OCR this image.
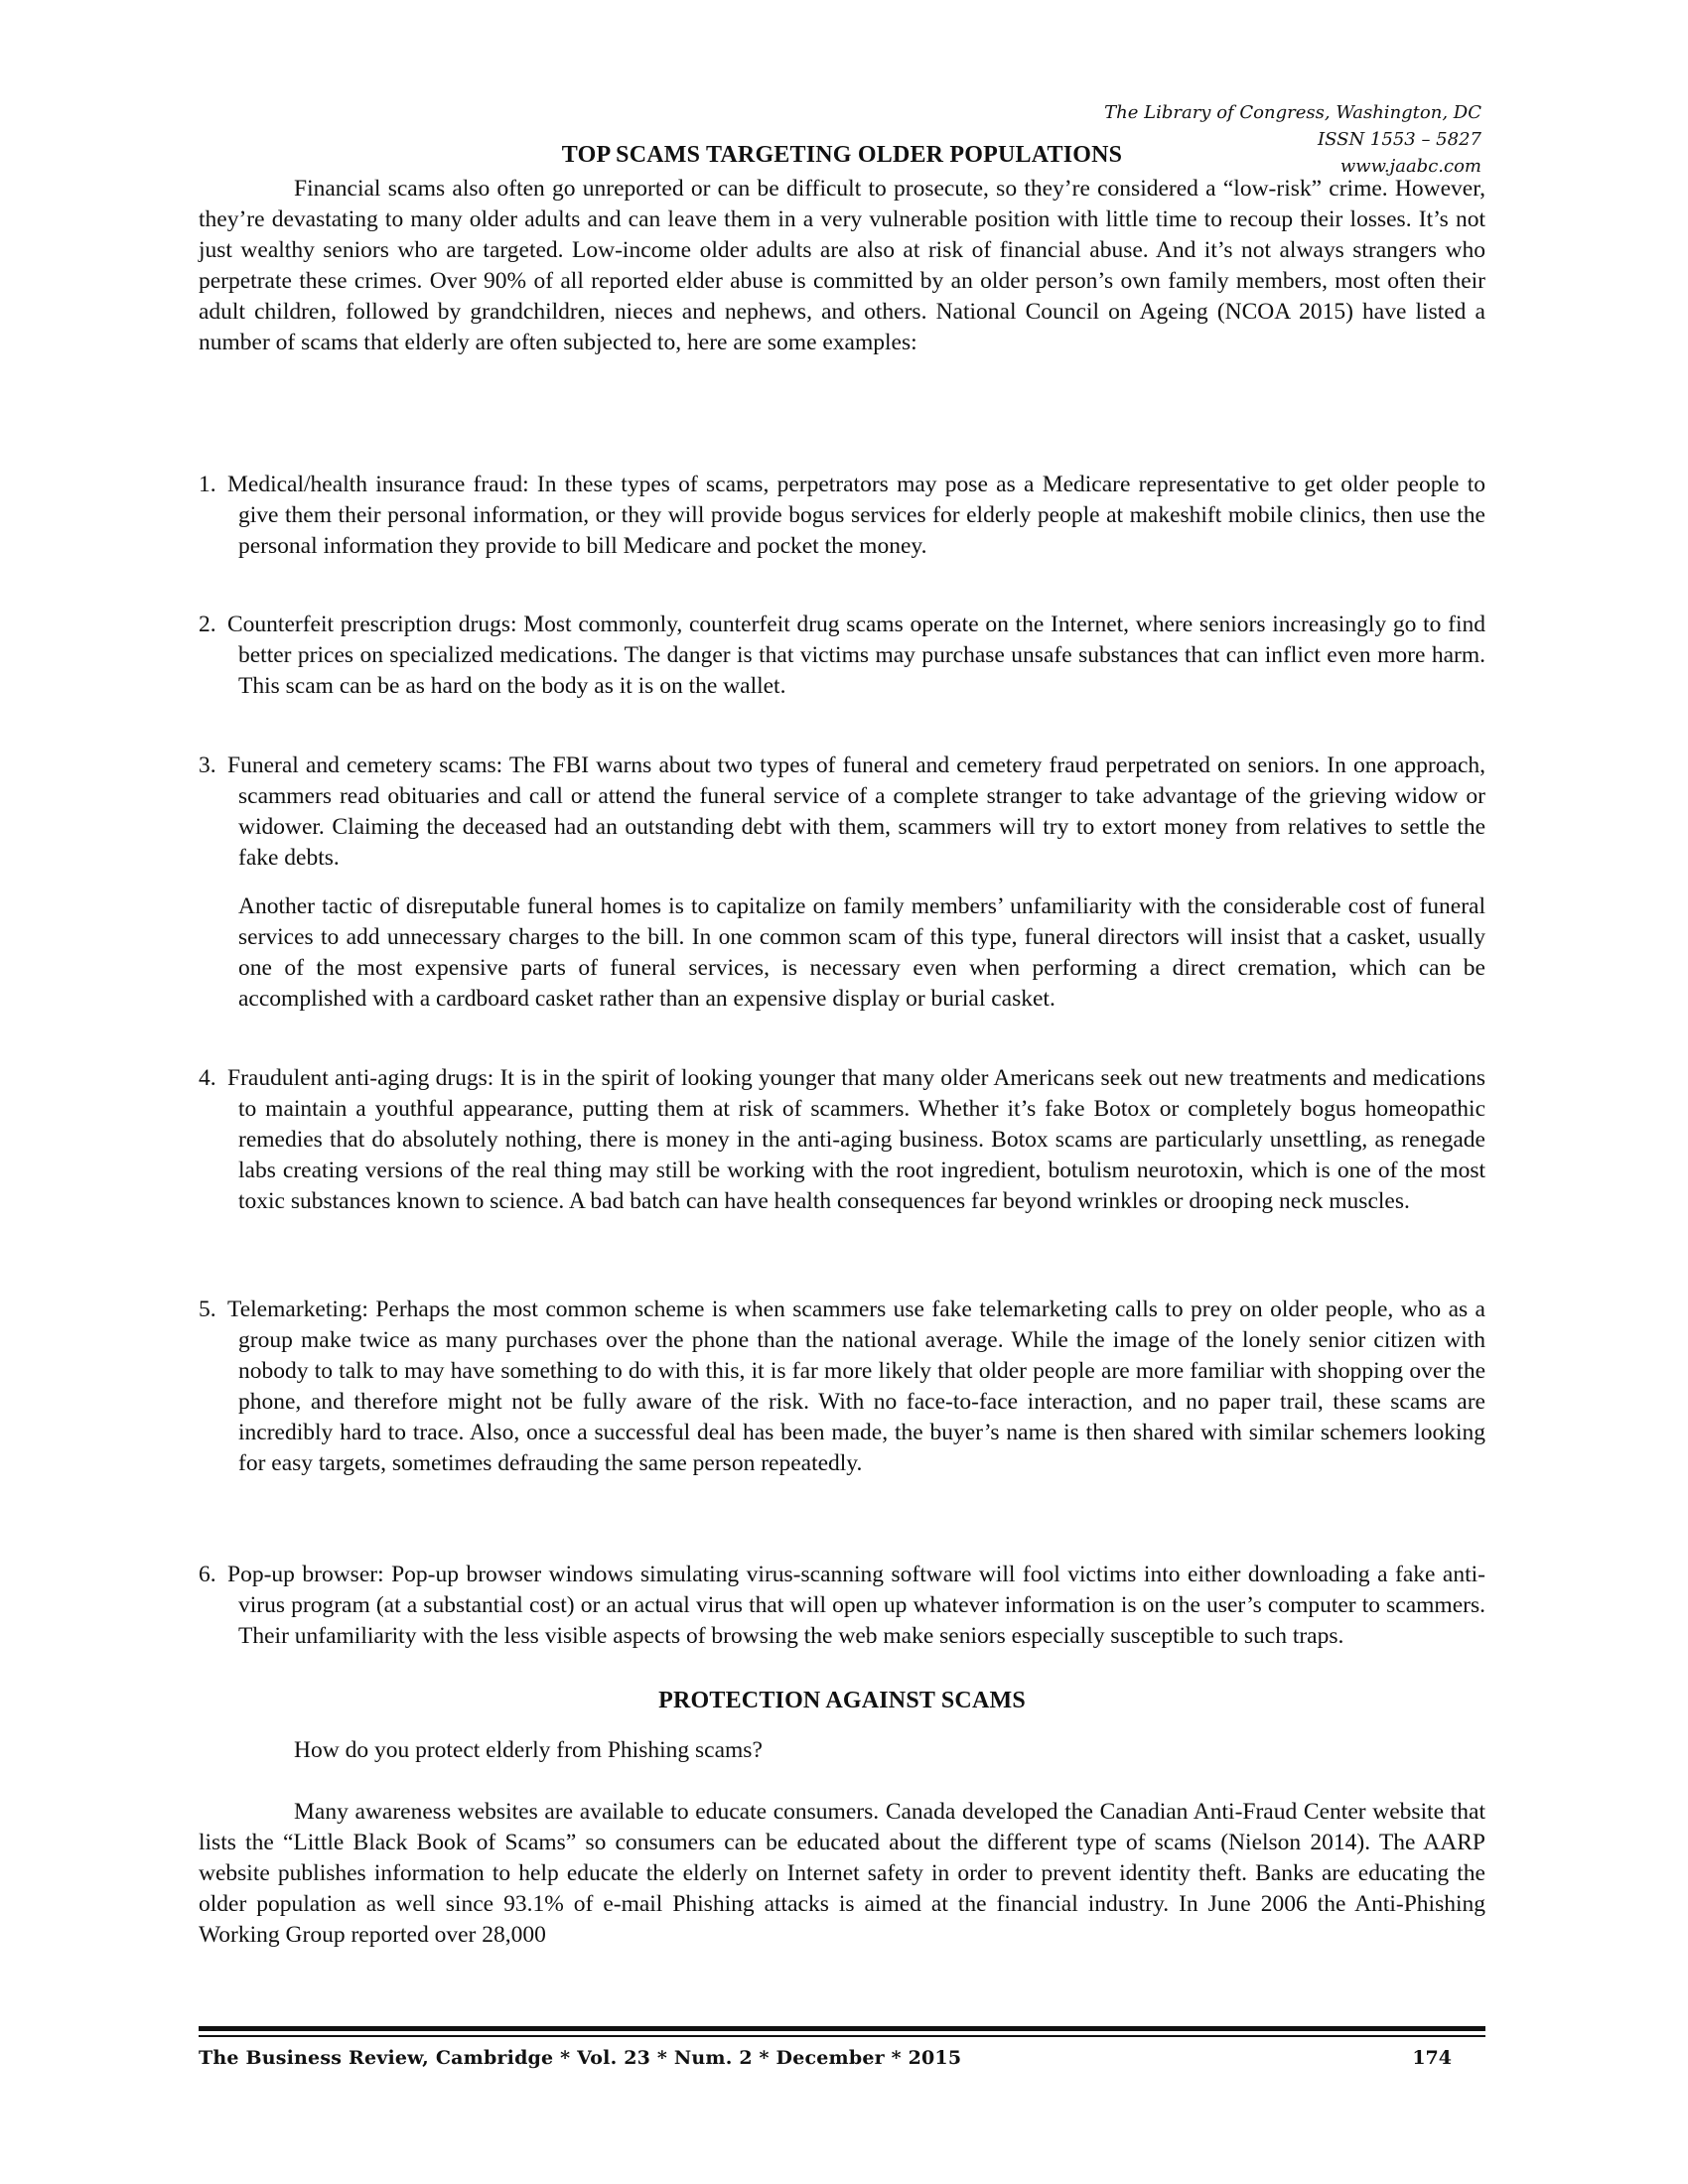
The Library of Congress, Washington, DC
ISSN 1553 – 5827
www.jaabc.com
TOP SCAMS TARGETING OLDER POPULATIONS
Financial scams also often go unreported or can be difficult to prosecute, so they’re considered a “low-risk” crime. However, they’re devastating to many older adults and can leave them in a very vulnerable position with little time to recoup their losses. It’s not just wealthy seniors who are targeted. Low-income older adults are also at risk of financial abuse. And it’s not always strangers who perpetrate these crimes. Over 90% of all reported elder abuse is committed by an older person’s own family members, most often their adult children, followed by grandchildren, nieces and nephews, and others. National Council on Ageing (NCOA 2015) have listed a number of scams that elderly are often subjected to, here are some examples:
1. Medical/health insurance fraud: In these types of scams, perpetrators may pose as a Medicare representative to get older people to give them their personal information, or they will provide bogus services for elderly people at makeshift mobile clinics, then use the personal information they provide to bill Medicare and pocket the money.
2. Counterfeit prescription drugs: Most commonly, counterfeit drug scams operate on the Internet, where seniors increasingly go to find better prices on specialized medications. The danger is that victims may purchase unsafe substances that can inflict even more harm. This scam can be as hard on the body as it is on the wallet.
3. Funeral and cemetery scams: The FBI warns about two types of funeral and cemetery fraud perpetrated on seniors. In one approach, scammers read obituaries and call or attend the funeral service of a complete stranger to take advantage of the grieving widow or widower. Claiming the deceased had an outstanding debt with them, scammers will try to extort money from relatives to settle the fake debts.
Another tactic of disreputable funeral homes is to capitalize on family members’ unfamiliarity with the considerable cost of funeral services to add unnecessary charges to the bill. In one common scam of this type, funeral directors will insist that a casket, usually one of the most expensive parts of funeral services, is necessary even when performing a direct cremation, which can be accomplished with a cardboard casket rather than an expensive display or burial casket.
4. Fraudulent anti-aging drugs: It is in the spirit of looking younger that many older Americans seek out new treatments and medications to maintain a youthful appearance, putting them at risk of scammers. Whether it’s fake Botox or completely bogus homeopathic remedies that do absolutely nothing, there is money in the anti-aging business. Botox scams are particularly unsettling, as renegade labs creating versions of the real thing may still be working with the root ingredient, botulism neurotoxin, which is one of the most toxic substances known to science. A bad batch can have health consequences far beyond wrinkles or drooping neck muscles.
5. Telemarketing: Perhaps the most common scheme is when scammers use fake telemarketing calls to prey on older people, who as a group make twice as many purchases over the phone than the national average. While the image of the lonely senior citizen with nobody to talk to may have something to do with this, it is far more likely that older people are more familiar with shopping over the phone, and therefore might not be fully aware of the risk. With no face-to-face interaction, and no paper trail, these scams are incredibly hard to trace. Also, once a successful deal has been made, the buyer’s name is then shared with similar schemers looking for easy targets, sometimes defrauding the same person repeatedly.
6. Pop-up browser: Pop-up browser windows simulating virus-scanning software will fool victims into either downloading a fake anti-virus program (at a substantial cost) or an actual virus that will open up whatever information is on the user’s computer to scammers. Their unfamiliarity with the less visible aspects of browsing the web make seniors especially susceptible to such traps.
PROTECTION AGAINST SCAMS
How do you protect elderly from Phishing scams?
Many awareness websites are available to educate consumers. Canada developed the Canadian Anti-Fraud Center website that lists the “Little Black Book of Scams” so consumers can be educated about the different type of scams (Nielson 2014). The AARP website publishes information to help educate the elderly on Internet safety in order to prevent identity theft. Banks are educating the older population as well since 93.1% of e-mail Phishing attacks is aimed at the financial industry. In June 2006 the Anti-Phishing Working Group reported over 28,000
The Business Review, Cambridge * Vol. 23 * Num. 2 * December * 2015	174
